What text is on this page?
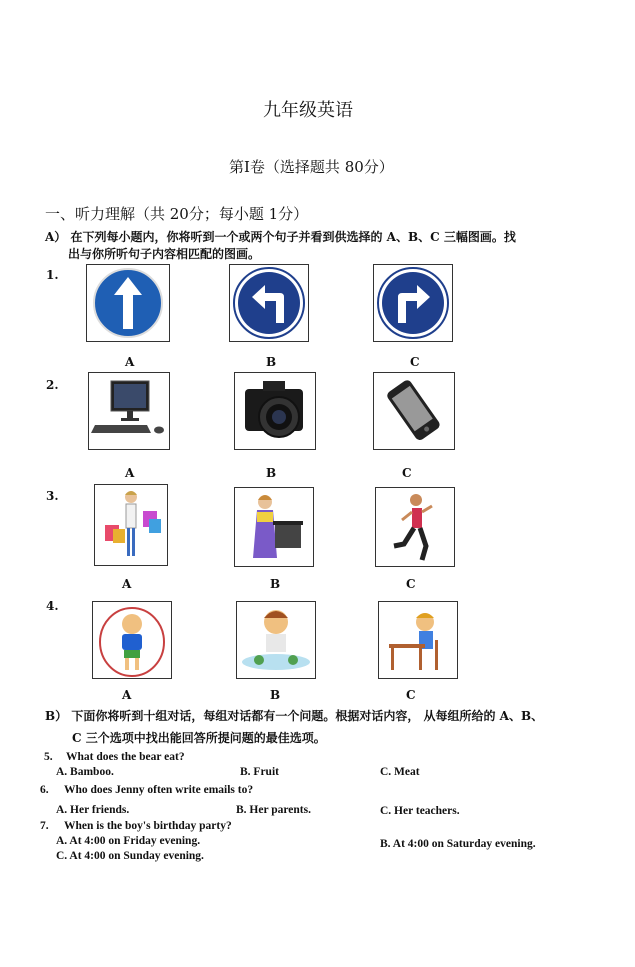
九年级英语
第Ⅰ卷（选择题共 80分）
一、听力理解（共 20分；每小题 1分）
A） 在下列每小题内，你将听到一个或两个句子并看到供选择的 A、B、C 三幅图画。找
出与你所听句子内容相匹配的图画。
1.
A	B	C
2.
A	B	C
3.
A	B	C
4.
A	B	C
B） 下面你将听到十组对话，每组对话都有一个问题。根据对话内容， 从每组所给的 A、B、
C 三个选项中找出能回答所提问题的最佳选项。
5. What does the bear eat?
A. Bamboo.	B. Fruit	C. Meat
6. Who does Jenny often write emails to?
A. Her friends.	B. Her parents.	C. Her teachers.
7. When is the boy's birthday party?
A. At 4:00 on Friday evening.	B. At 4:00 on Saturday evening.
C. At 4:00 on Sunday evening.
